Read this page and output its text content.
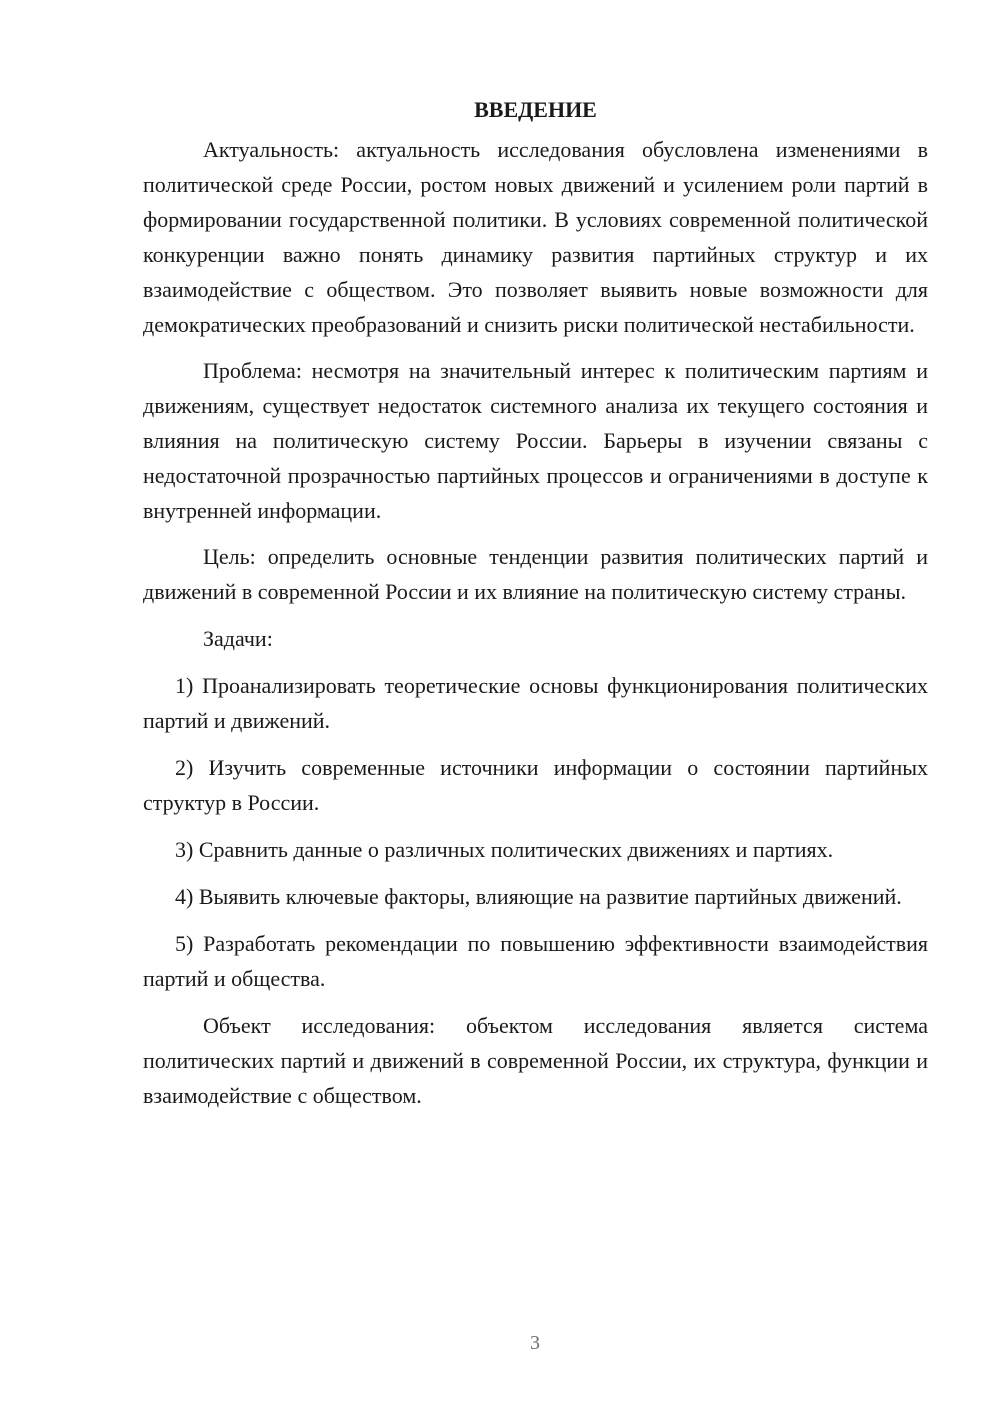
ВВЕДЕНИЕ

Актуальность: актуальность исследования обусловлена изменениями в политической среде России, ростом новых движений и усилением роли партий в формировании государственной политики. В условиях современной политической конкуренции важно понять динамику развития партийных структур и их взаимодействие с обществом. Это позволяет выявить новые возможности для демократических преобразований и снизить риски политической нестабильности.

Проблема: несмотря на значительный интерес к политическим партиям и движениям, существует недостаток системного анализа их текущего состояния и влияния на политическую систему России. Барьеры в изучении связаны с недостаточной прозрачностью партийных процессов и ограничениями в доступе к внутренней информации.

Цель: определить основные тенденции развития политических партий и движений в современной России и их влияние на политическую систему страны.

Задачи:

1) Проанализировать теоретические основы функционирования политических партий и движений.

2) Изучить современные источники информации о состоянии партийных структур в России.

3) Сравнить данные о различных политических движениях и партиях.

4) Выявить ключевые факторы, влияющие на развитие партийных движений.

5) Разработать рекомендации по повышению эффективности взаимодействия партий и общества.

Объект исследования: объектом исследования является система политических партий и движений в современной России, их структура, функции и взаимодействие с обществом.

3
